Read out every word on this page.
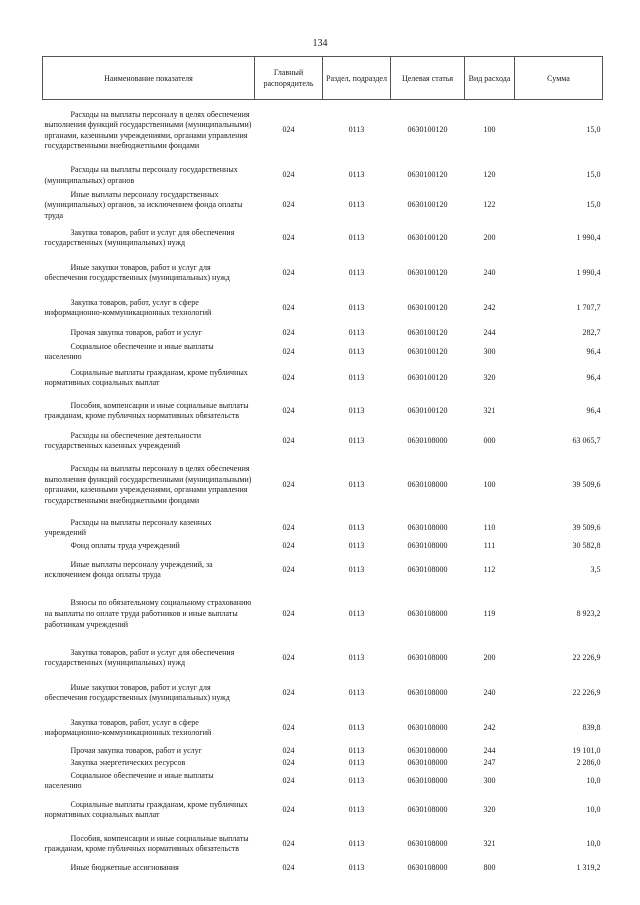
134
Наименование показателя	Главный распорядитель	Раздел, подраздел	Целевая статья	Вид расхода	Сумма
Расходы на выплаты персоналу в целях обеспечения выполнения функций государственными (муниципальными) органами, казенными учреждениями, органами управления государственными внебюджетными фондами	024	0113	0630100120	100	15,0
Расходы на выплаты персоналу государственных (муниципальных) органов	024	0113	0630100120	120	15,0
Иные выплаты персоналу государственных (муниципальных) органов, за исключением фонда оплаты труда	024	0113	0630100120	122	15,0
Закупка товаров, работ и услуг для обеспечения государственных (муниципальных) нужд	024	0113	0630100120	200	1 990,4
Иные закупки товаров, работ и услуг для обеспечения государственных (муниципальных) нужд	024	0113	0630100120	240	1 990,4
Закупка товаров, работ, услуг в сфере информационно-коммуникационных технологий	024	0113	0630100120	242	1 707,7
Прочая закупка товаров, работ и услуг	024	0113	0630100120	244	282,7
Социальное обеспечение и иные выплаты населению	024	0113	0630100120	300	96,4
Социальные выплаты гражданам, кроме публичных нормативных социальных выплат	024	0113	0630100120	320	96,4
Пособия, компенсации и иные социальные выплаты гражданам, кроме публичных нормативных обязательств	024	0113	0630100120	321	96,4
Расходы на обеспечение деятельности государственных казенных учреждений	024	0113	0630108000	000	63 065,7
Расходы на выплаты персоналу в целях обеспечения выполнения функций государственными (муниципальными) органами, казенными учреждениями, органами управления государственными внебюджетными фондами	024	0113	0630108000	100	39 509,6
Расходы на выплаты персоналу казенных учреждений	024	0113	0630108000	110	39 509,6
Фонд оплаты труда учреждений	024	0113	0630108000	111	30 582,8
Иные выплаты персоналу учреждений, за исключением фонда оплаты труда	024	0113	0630108000	112	3,5
Взносы по обязательному социальному страхованию на выплаты по оплате труда работников и иные выплаты работникам учреждений	024	0113	0630108000	119	8 923,2
Закупка товаров, работ и услуг для обеспечения государственных (муниципальных) нужд	024	0113	0630108000	200	22 226,9
Иные закупки товаров, работ и услуг для обеспечения государственных (муниципальных) нужд	024	0113	0630108000	240	22 226,9
Закупка товаров, работ, услуг в сфере информационно-коммуникационных технологий	024	0113	0630108000	242	839,8
Прочая закупка товаров, работ и услуг	024	0113	0630108000	244	19 101,0
Закупка энергетических ресурсов	024	0113	0630108000	247	2 286,0
Социальное обеспечение и иные выплаты населению	024	0113	0630108000	300	10,0
Социальные выплаты гражданам, кроме публичных нормативных социальных выплат	024	0113	0630108000	320	10,0
Пособия, компенсации и иные социальные выплаты гражданам, кроме публичных нормативных обязательств	024	0113	0630108000	321	10,0
Иные бюджетные ассигнования	024	0113	0630108000	800	1 319,2
